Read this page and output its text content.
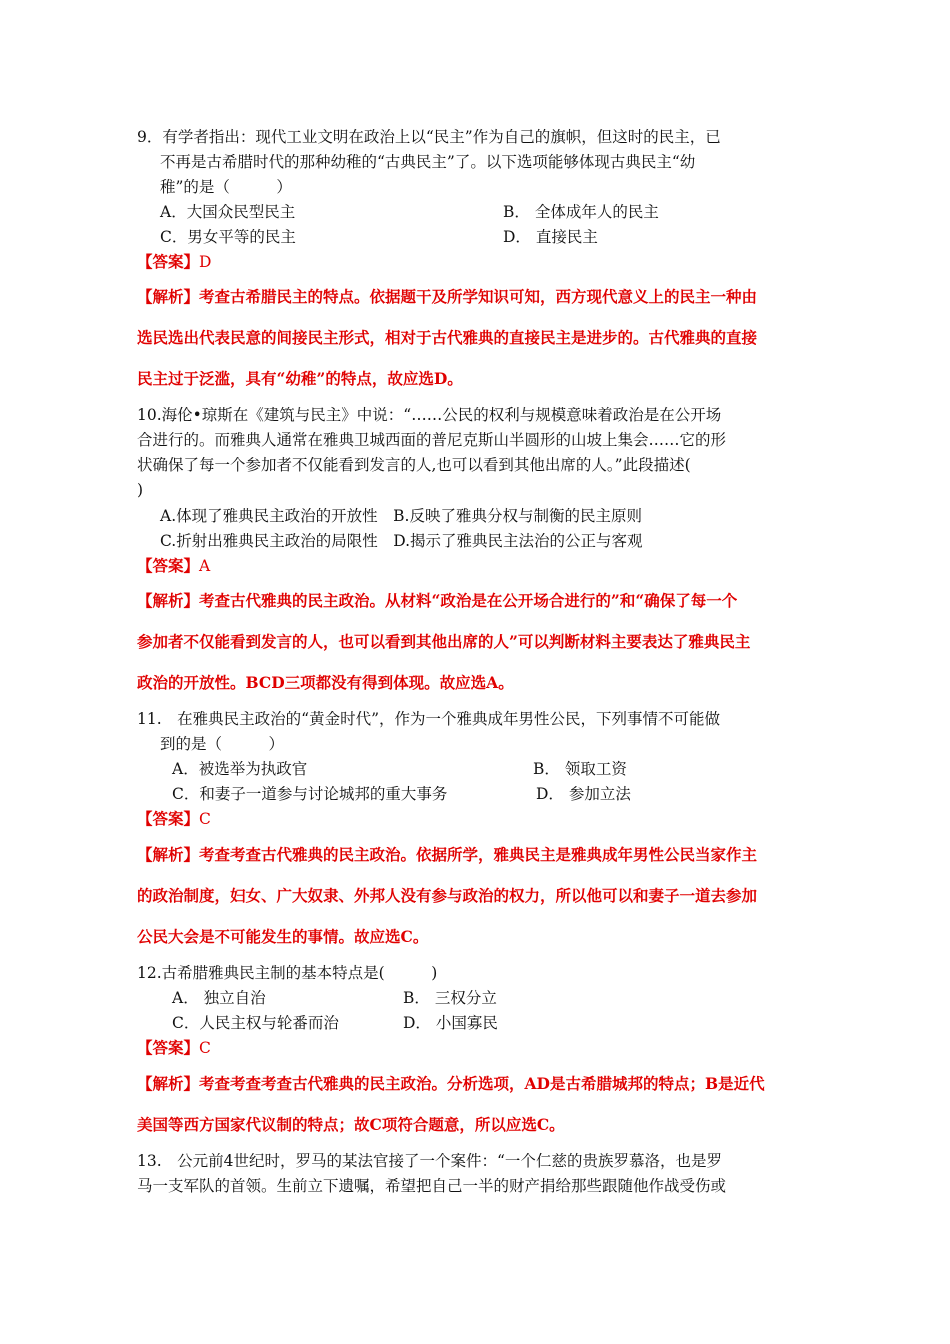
9．有学者指出：现代工业文明在政治上以“民主”作为自己的旗帜，但这时的民主，已
不再是古希腊时代的那种幼稚的“古典民主”了。以下选项能够体现古典民主“幼
稚”的是（　　　）
A．大国众民型民主	B． 全体成年人的民主
C．男女平等的民主	D． 直接民主
【答案】D
【解析】考查古希腊民主的特点。依据题干及所学知识可知，西方现代意义上的民主一种由
选民选出代表民意的间接民主形式，相对于古代雅典的直接民主是进步的。古代雅典的直接
民主过于泛滥，具有“幼稚”的特点，故应选D。
10.海伦•琼斯在《建筑与民主》中说：“……公民的权利与规模意味着政治是在公开场
合进行的。而雅典人通常在雅典卫城西面的普尼克斯山半圆形的山坡上集会……它的形
状确保了每一个参加者不仅能看到发言的人,也可以看到其他出席的人。”此段描述(
)
A.体现了雅典民主政治的开放性　B.反映了雅典分权与制衡的民主原则
C.折射出雅典民主政治的局限性　D.揭示了雅典民主法治的公正与客观
【答案】A
【解析】考查古代雅典的民主政治。从材料“政治是在公开场合进行的”和“确保了每一个
参加者不仅能看到发言的人，也可以看到其他出席的人”可以判断材料主要表达了雅典民主
政治的开放性。BCD三项都没有得到体现。故应选A。
11.　在雅典民主政治的“黄金时代”，作为一个雅典成年男性公民，下列事情不可能做
到的是（　　　）
A．被选举为执政官	B． 领取工资
C．和妻子一道参与讨论城邦的重大事务	D． 参加立法
【答案】C
【解析】考查考查古代雅典的民主政治。依据所学，雅典民主是雅典成年男性公民当家作主
的政治制度，妇女、广大奴隶、外邦人没有参与政治的权力，所以他可以和妻子一道去参加
公民大会是不可能发生的事情。故应选C。
12.古希腊雅典民主制的基本特点是(　　　)
A． 独立自治	B． 三权分立
C．人民主权与轮番而治	D． 小国寡民
【答案】C
【解析】考查考查考查古代雅典的民主政治。分析选项，AD是古希腊城邦的特点；B是近代
美国等西方国家代议制的特点；故C项符合题意，所以应选C。
13.　公元前4世纪时，罗马的某法官接了一个案件：“一个仁慈的贵族罗慕洛，也是罗
马一支军队的首领。生前立下遗嘱，希望把自己一半的财产捐给那些跟随他作战受伤或
